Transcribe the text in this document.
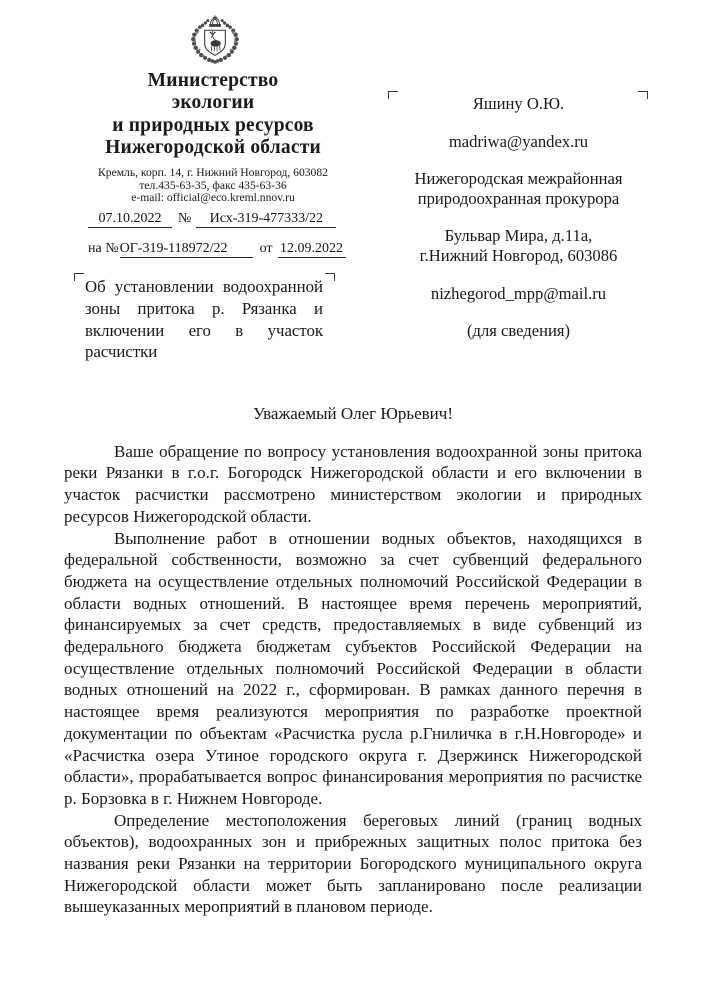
Министерство
экологии
и природных ресурсов
Нижегородской области
Кремль, корп. 14, г. Нижний Новгород, 603082
тел.435-63-35, факс 435-63-36
e-mail: official@eco.kreml.nnov.ru
07.10.2022	№	Исх-319-477333/22
на № ОГ-319-118972/22	от 12.09.2022

Об установлении водоохранной зоны притока р. Рязанка и включении его в участок расчистки

Яшину О.Ю.
madriwa@yandex.ru
Нижегородская межрайонная
природоохранная прокурора
Бульвар Мира, д.11а,
г.Нижний Новгород, 603086
nizhegorod_mpp@mail.ru
(для сведения)

Уважаемый Олег Юрьевич!

Ваше обращение по вопросу установления водоохранной зоны притока реки Рязанки в г.о.г. Богородск Нижегородской области и его включении в участок расчистки рассмотрено министерством экологии и природных ресурсов Нижегородской области.

Выполнение работ в отношении водных объектов, находящихся в федеральной собственности, возможно за счет субвенций федерального бюджета на осуществление отдельных полномочий Российской Федерации в области водных отношений. В настоящее время перечень мероприятий, финансируемых за счет средств, предоставляемых в виде субвенций из федерального бюджета бюджетам субъектов Российской Федерации на осуществление отдельных полномочий Российской Федерации в области водных отношений на 2022 г., сформирован. В рамках данного перечня в настоящее время реализуются мероприятия по разработке проектной документации по объектам «Расчистка русла р.Гниличка в г.Н.Новгороде» и «Расчистка озера Утиное городского округа г. Дзержинск Нижегородской области», прорабатывается вопрос финансирования мероприятия по расчистке р. Борзовка в г. Нижнем Новгороде.

Определение местоположения береговых линий (границ водных объектов), водоохранных зон и прибрежных защитных полос притока без названия реки Рязанки на территории Богородского муниципального округа Нижегородской области может быть запланировано после реализации вышеуказанных мероприятий в плановом периоде.
